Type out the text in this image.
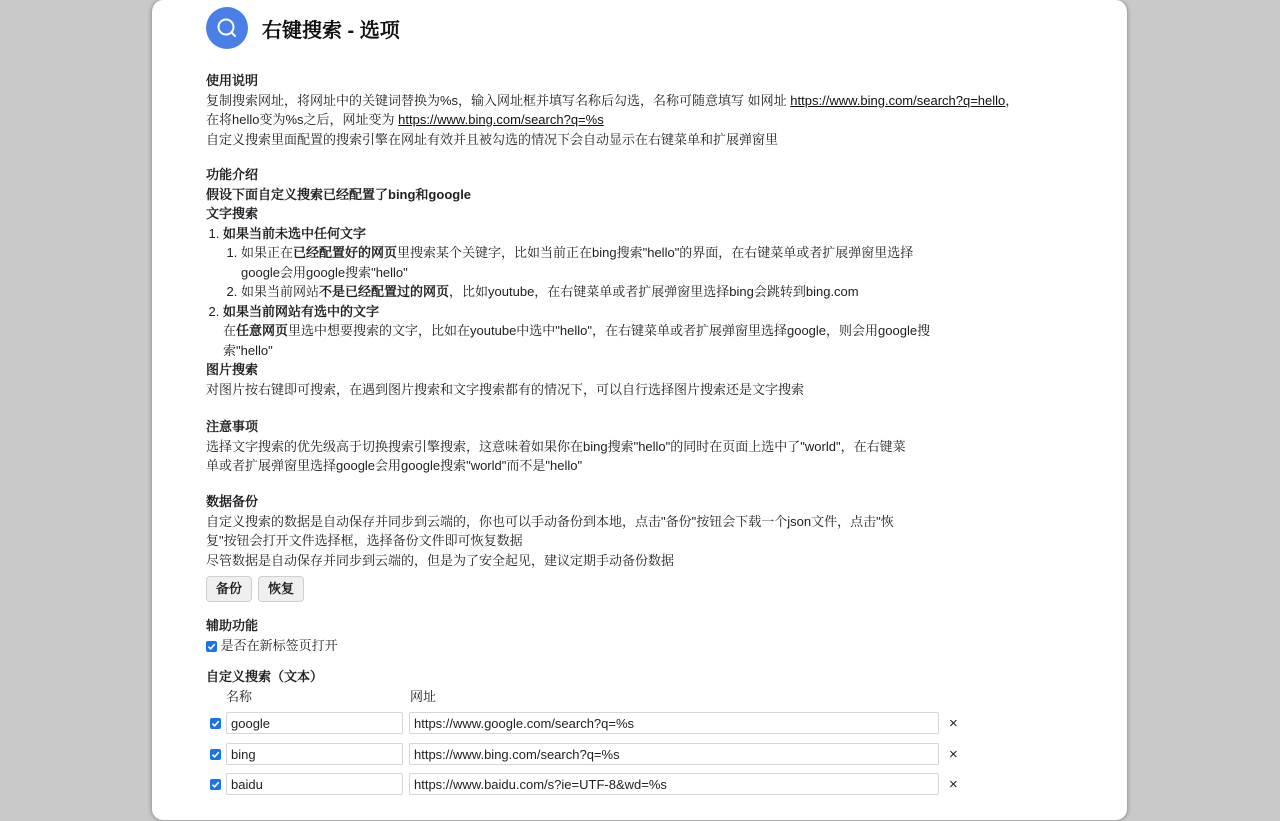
右键搜索 - 选项
使用说明
复制搜索网址，将网址中的关键词替换为%s，输入网址框并填写名称后勾选，名称可随意填写 如网址 https://www.bing.com/search?q=hello，
在将hello变为%s之后，网址变为 https://www.bing.com/search?q=%s
自定义搜索里面配置的搜索引擎在网址有效并且被勾选的情况下会自动显示在右键菜单和扩展弹窗里
功能介绍
假设下面自定义搜索已经配置了bing和google
文字搜索
1. 如果当前未选中任何文字
1. 如果正在已经配置好的网页里搜索某个关键字，比如当前正在bing搜索"hello"的界面，在右键菜单或者扩展弹窗里选择google会用google搜索"hello"
2. 如果当前网站不是已经配置过的网页，比如youtube，在右键菜单或者扩展弹窗里选择bing会跳转到bing.com
2. 如果当前网站有选中的文字
在任意网页里选中想要搜索的文字，比如在youtube中选中"hello"，在右键菜单或者扩展弹窗里选择google，则会用google搜索"hello"
图片搜索
对图片按右键即可搜索，在遇到图片搜索和文字搜索都有的情况下，可以自行选择图片搜索还是文字搜索
注意事项
选择文字搜索的优先级高于切换搜索引擎搜索，这意味着如果你在bing搜索"hello"的同时在页面上选中了"world"，在右键菜单或者扩展弹窗里选择google会用google搜索"world"而不是"hello"
数据备份
自定义搜索的数据是自动保存并同步到云端的，你也可以手动备份到本地，点击"备份"按钮会下载一个json文件，点击"恢复"按钮会打开文件选择框，选择备份文件即可恢复数据
尽管数据是自动保存并同步到云端的，但是为了安全起见，建议定期手动备份数据
备份 恢复
辅助功能
是否在新标签页打开
自定义搜索（文本）
名称	网址
google	https://www.google.com/search?q=%s	×
bing	https://www.bing.com/search?q=%s	×
baidu	https://www.baidu.com/s?ie=UTF-8&wd=%s	×
